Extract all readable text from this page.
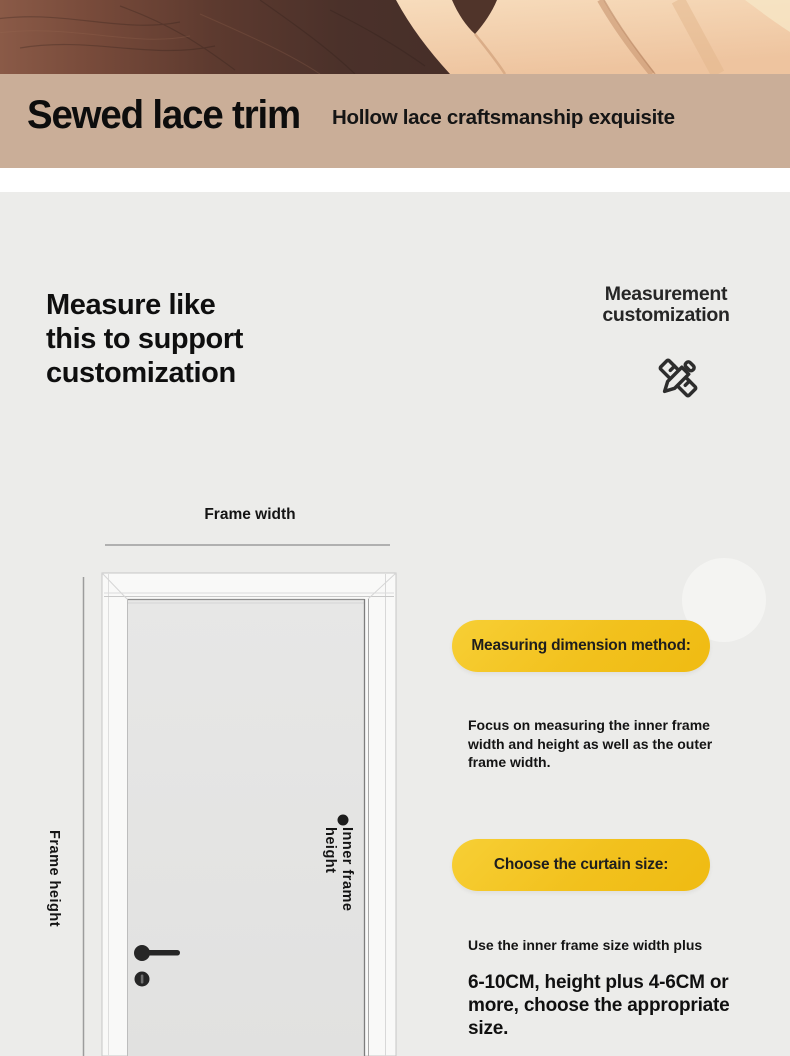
Sewed lace trim Hollow lace craftsmanship exquisite
Measure like
this to support
customization
Measurement
customization
Frame width
Frame height	Inner frame
height
Measuring dimension method:

Focus on measuring the inner frame width and height as well as the outer frame width.

Choose the curtain size:

Use the inner frame size width plus

6-10CM, height plus 4-6CM or more, choose the appropriate size.
